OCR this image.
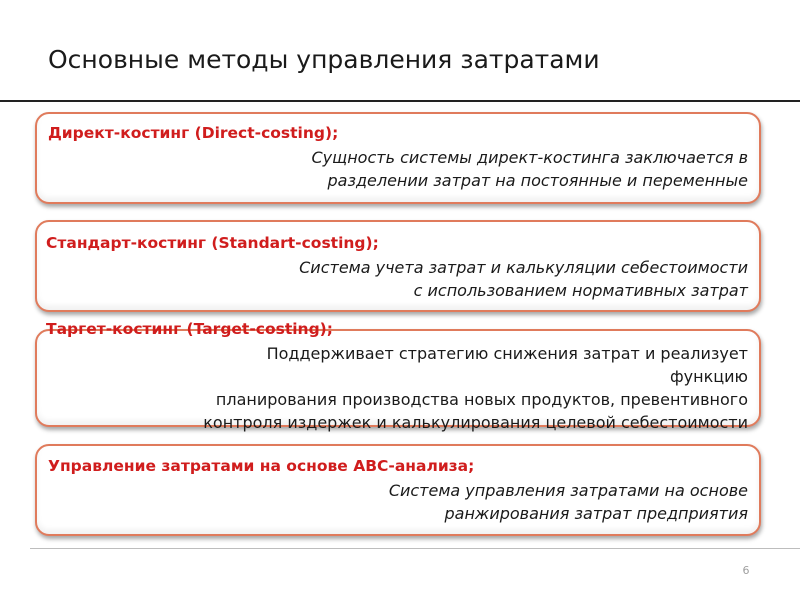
Основные методы управления затратами
Директ-костинг (Direct-costing);
Сущность системы директ-костинга заключается в
разделении затрат на постоянные и переменные
Стандарт-костинг (Standart-costing);
Система учета затрат и калькуляции себестоимости
с использованием нормативных затрат
Таргет-костинг (Target-costing);
Поддерживает стратегию снижения затрат и реализует
функцию
планирования производства новых продуктов, превентивного
контроля издержек и калькулирования целевой себестоимости
Управление затратами на основе АВС-анализа;
Система управления затратами на основе
ранжирования затрат предприятия
6
